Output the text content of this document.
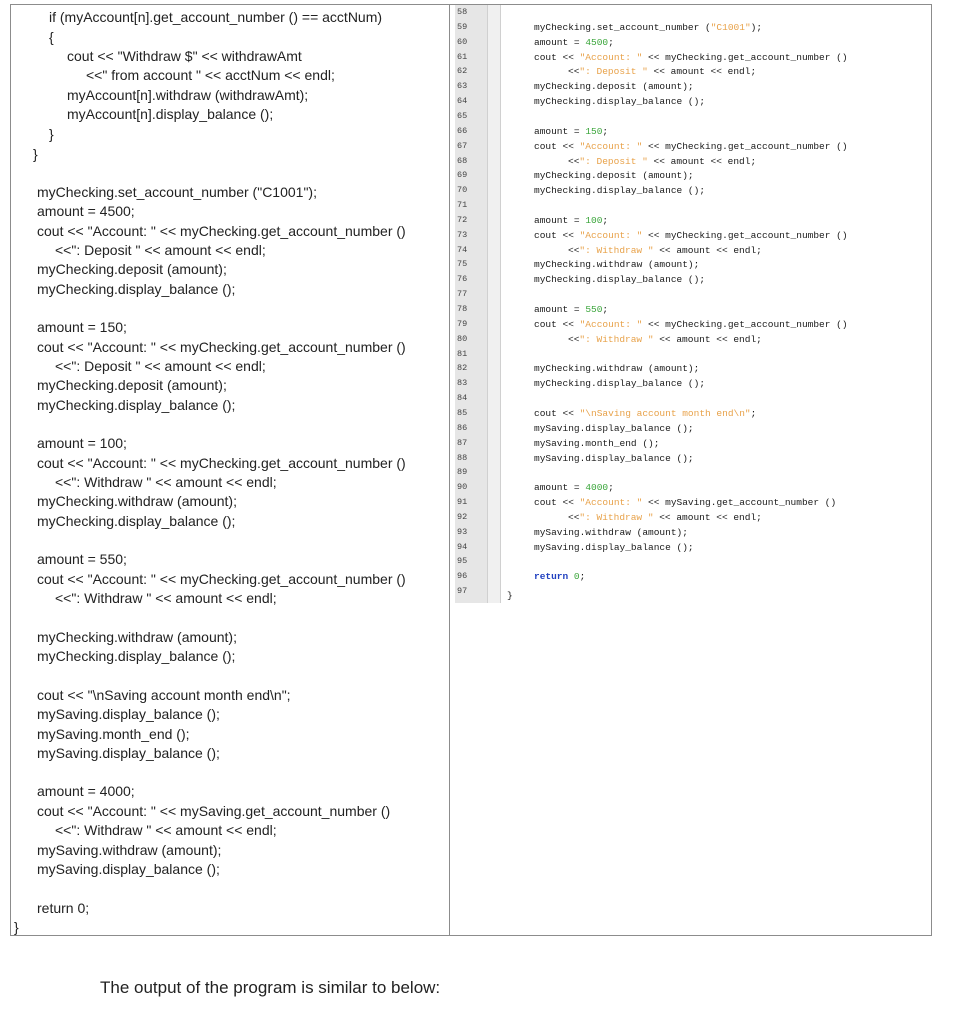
if (myAccount[n].get_account_number () == acctNum)
{
cout << "Withdraw $" << withdrawAmt
<<" from account " << acctNum << endl;
myAccount[n].withdraw (withdrawAmt);
myAccount[n].display_balance ();
}
}
myChecking.set_account_number ("C1001");
amount = 4500;
cout << "Account: " << myChecking.get_account_number ()
<<": Deposit " << amount << endl;
myChecking.deposit (amount);
myChecking.display_balance ();
amount = 150;
cout << "Account: " << myChecking.get_account_number ()
<<": Deposit " << amount << endl;
myChecking.deposit (amount);
myChecking.display_balance ();
amount = 100;
cout << "Account: " << myChecking.get_account_number ()
<<": Withdraw " << amount << endl;
myChecking.withdraw (amount);
myChecking.display_balance ();
amount = 550;
cout << "Account: " << myChecking.get_account_number ()
<<": Withdraw " << amount << endl;
myChecking.withdraw (amount);
myChecking.display_balance ();
cout << "\nSaving account month end\n";
mySaving.display_balance ();
mySaving.month_end ();
mySaving.display_balance ();
amount = 4000;
cout << "Account: " << mySaving.get_account_number ()
<<": Withdraw " << amount << endl;
mySaving.withdraw (amount);
mySaving.display_balance ();
return 0;
}
58
59
60
61
62
63
64
65
66
67
68
69
70
71
72
73
74
75
76
77
78
79
80
81
82
83
84
85
86
87
88
89
90
91
92
93
94
95
96
97
myChecking.set_account_number ("C1001");
amount = 4500;
cout << "Account: " << myChecking.get_account_number ()
<<": Deposit " << amount << endl;
myChecking.deposit (amount);
myChecking.display_balance ();
amount = 150;
cout << "Account: " << myChecking.get_account_number ()
<<": Deposit " << amount << endl;
myChecking.deposit (amount);
myChecking.display_balance ();
amount = 100;
cout << "Account: " << myChecking.get_account_number ()
<<": Withdraw " << amount << endl;
myChecking.withdraw (amount);
myChecking.display_balance ();
amount = 550;
cout << "Account: " << myChecking.get_account_number ()
<<": Withdraw " << amount << endl;
myChecking.withdraw (amount);
myChecking.display_balance ();
cout << "\nSaving account month end\n";
mySaving.display_balance ();
mySaving.month_end ();
mySaving.display_balance ();
amount = 4000;
cout << "Account: " << mySaving.get_account_number ()
<<": Withdraw " << amount << endl;
mySaving.withdraw (amount);
mySaving.display_balance ();
return 0;
}
The output of the program is similar to below:
